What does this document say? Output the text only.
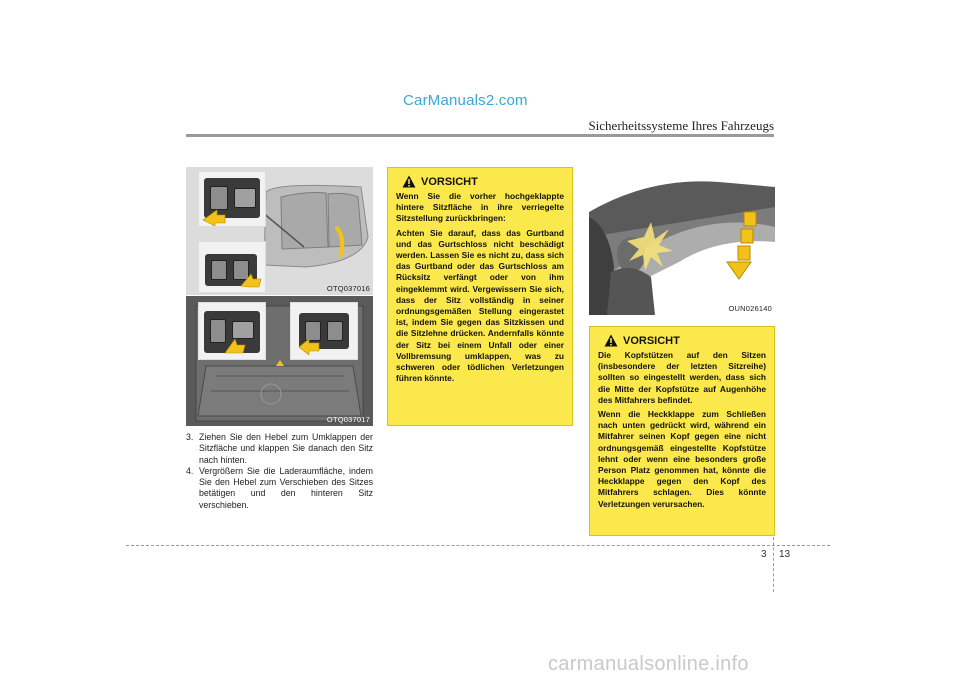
CarManuals2.com
Sicherheitssysteme Ihres Fahrzeugs
OTQ037016
OTQ037017
3. Ziehen Sie den Hebel zum Umklappen der Sitzfläche und klappen Sie danach den Sitz nach hinten.
4. Vergrößern Sie die Laderaumfläche, indem Sie den Hebel zum Verschieben des Sitzes betätigen und den hinteren Sitz verschieben.
VORSICHT

Wenn Sie die vorher hochgeklappte hintere Sitzfläche in ihre verriegelte Sitzstellung zurückbringen:

Achten Sie darauf, dass das Gurtband und das Gurtschloss nicht beschädigt werden. Lassen Sie es nicht zu, dass sich das Gurtband oder das Gurtschloss am Rücksitz verfängt oder von ihm eingeklemmt wird. Vergewissern Sie sich, dass der Sitz vollständig in seiner ordnungsgemäßen Stellung eingerastet ist, indem Sie gegen das Sitzkissen und die Sitzlehne drücken. Andernfalls könnte der Sitz bei einem Unfall oder einer Vollbremsung umklappen, was zu schweren oder tödlichen Verletzungen führen könnte.

OUN026140
VORSICHT

Die Kopfstützen auf den Sitzen (insbesondere der letzten Sitzreihe) sollten so eingestellt werden, dass sich die Mitte der Kopfstütze auf Augenhöhe des Mitfahrers befindet.

Wenn die Heckklappe zum Schließen nach unten gedrückt wird, während ein Mitfahrer seinen Kopf gegen eine nicht ordnungsgemäß eingestellte Kopfstütze lehnt oder wenn eine besonders große Person Platz genommen hat, könnte die Heckklappe gegen den Kopf des Mitfahrers schlagen. Dies könnte Verletzungen verursachen.

3 13
carmanualsonline.info
